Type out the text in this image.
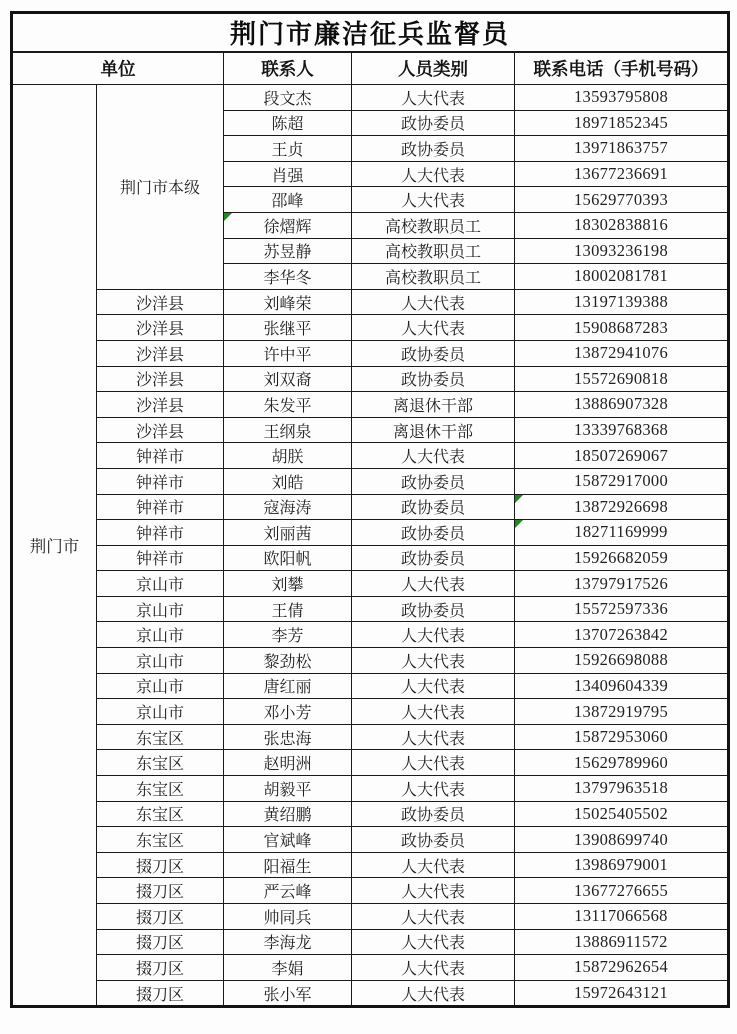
荆门市廉洁征兵监督员				
单位		联系人	人员类别	联系电话（手机号码）
荆门市	荆门市本级	段文杰	人大代表	13593795808
		陈超	政协委员	18971852345
		王贞	政协委员	13971863757
		肖强	人大代表	13677236691
		邵峰	人大代表	15629770393
		徐熠辉	高校教职员工	18302838816
		苏昱静	高校教职员工	13093236198
		李华冬	高校教职员工	18002081781
	沙洋县	刘峰荣	人大代表	13197139388
	沙洋县	张继平	人大代表	15908687283
	沙洋县	许中平	政协委员	13872941076
	沙洋县	刘双裔	政协委员	15572690818
	沙洋县	朱发平	离退休干部	13886907328
	沙洋县	王纲泉	离退休干部	13339768368
	钟祥市	胡朕	人大代表	18507269067
	钟祥市	刘皓	政协委员	15872917000
	钟祥市	寇海涛	政协委员	13872926698

	钟祥市	刘丽茜	政协委员	18271169999

	钟祥市	欧阳帆	政协委员	15926682059
	京山市	刘攀	人大代表	13797917526
	京山市	王倩	政协委员	15572597336
	京山市	李芳	人大代表	13707263842
	京山市	黎劲松	人大代表	15926698088
	京山市	唐红丽	人大代表	13409604339
	京山市	邓小芳	人大代表	13872919795
	东宝区	张忠海	人大代表	15872953060
	东宝区	赵明洲	人大代表	15629789960
	东宝区	胡毅平	人大代表	13797963518
	东宝区	黄绍鹏	政协委员	15025405502
	东宝区	官斌峰	政协委员	13908699740
	掇刀区	阳福生	人大代表	13986979001
	掇刀区	严云峰	人大代表	13677276655
	掇刀区	帅同兵	人大代表	13117066568
	掇刀区	李海龙	人大代表	13886911572
	掇刀区	李娟	人大代表	15872962654
	掇刀区	张小军	人大代表	15972643121
